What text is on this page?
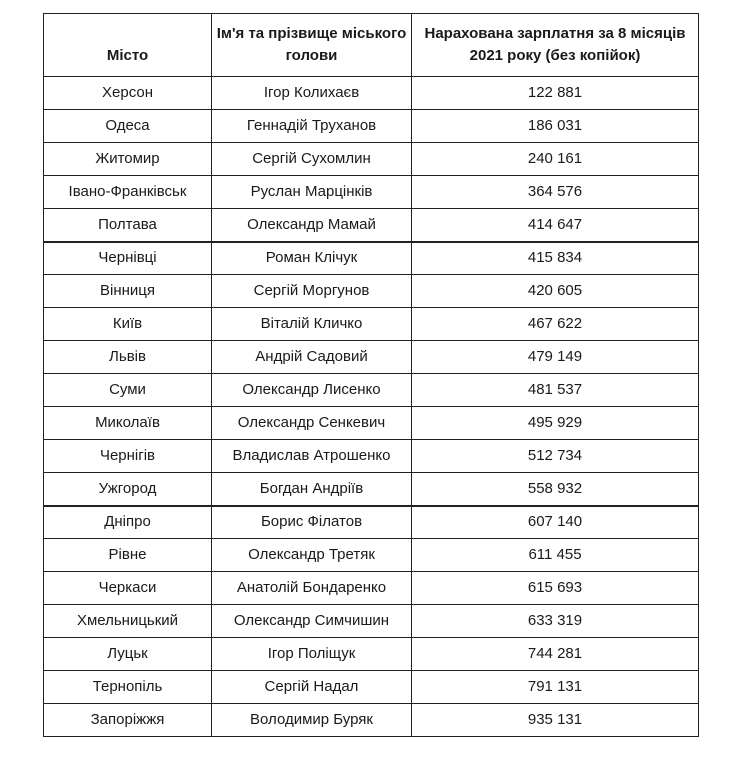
Місто	Ім'я та прізвище міського голови	Нарахована зарплатня за 8 місяців 2021 року (без копійок)
Херсон	Ігор Колихаєв	122 881
Одеса	Геннадій Труханов	186 031
Житомир	Сергій Сухомлин	240 161
Івано-Франківськ	Руслан Марцінків	364 576
Полтава	Олександр Мамай	414 647
Чернівці	Роман Клічук	415 834
Вінниця	Сергій Моргунов	420 605
Київ	Віталій Кличко	467 622
Львів	Андрій Садовий	479 149
Суми	Олександр Лисенко	481 537
Миколаїв	Олександр Сенкевич	495 929
Чернігів	Владислав Атрошенко	512 734
Ужгород	Богдан Андріїв	558 932
Дніпро	Борис Філатов	607 140
Рівне	Олександр Третяк	611 455
Черкаси	Анатолій Бондаренко	615 693
Хмельницький	Олександр Симчишин	633 319
Луцьк	Ігор Поліщук	744 281
Тернопіль	Сергій Надал	791 131
Запоріжжя	Володимир Буряк	935 131
